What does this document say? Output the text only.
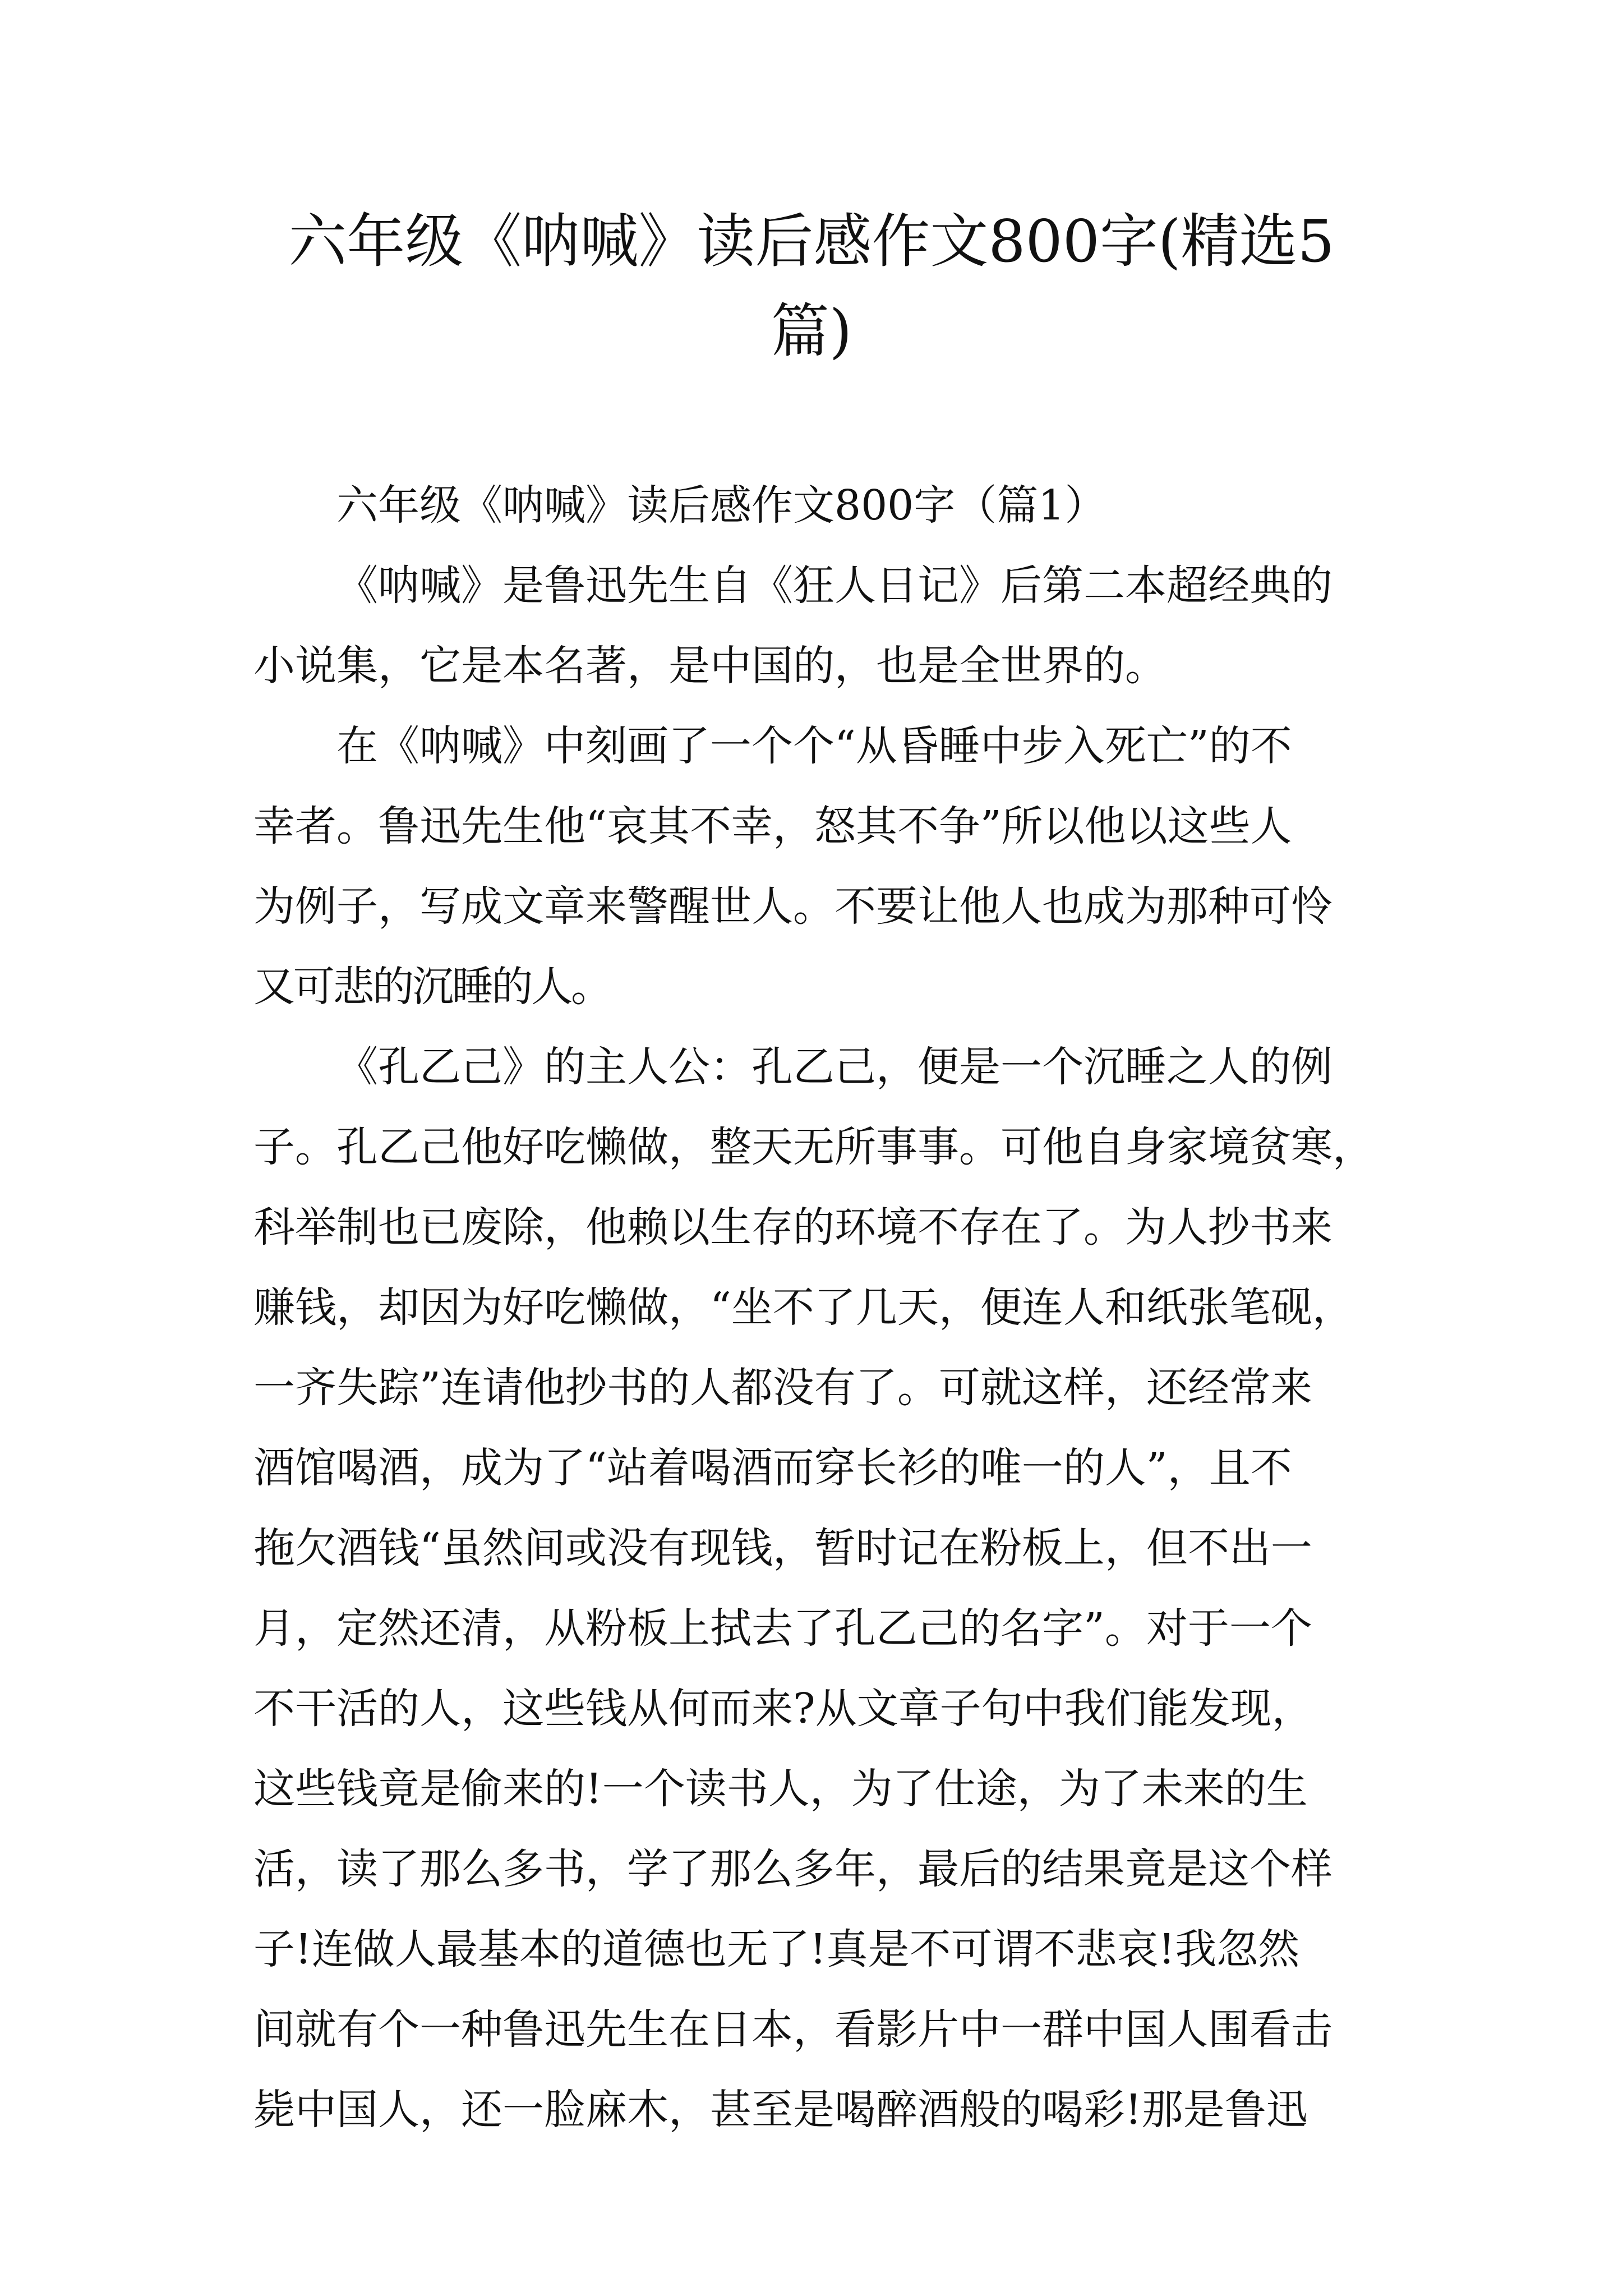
六年级《呐喊》读后感作文800字(精选5
篇)

六年级《呐喊》读后感作文800字（篇1）

《呐喊》是鲁迅先生自《狂人日记》后第二本超经典的

小说集，它是本名著，是中国的，也是全世界的。

在《呐喊》中刻画了一个个“从昏睡中步入死亡”的不

幸者。鲁迅先生他“哀其不幸，怒其不争”所以他以这些人

为例子，写成文章来警醒世人。不要让他人也成为那种可怜

又可悲的沉睡的人。

《孔乙己》的主人公：孔乙己，便是一个沉睡之人的例

子。孔乙己他好吃懒做，整天无所事事。可他自身家境贫寒，

科举制也已废除，他赖以生存的环境不存在了。为人抄书来

赚钱，却因为好吃懒做，“坐不了几天，便连人和纸张笔砚，

一齐失踪”连请他抄书的人都没有了。可就这样，还经常来

酒馆喝酒，成为了“站着喝酒而穿长衫的唯一的人”，且不

拖欠酒钱“虽然间或没有现钱，暂时记在粉板上，但不出一

月，定然还清，从粉板上拭去了孔乙己的名字”。对于一个

不干活的人，这些钱从何而来?从文章子句中我们能发现，

这些钱竟是偷来的!一个读书人，为了仕途，为了未来的生

活，读了那么多书，学了那么多年，最后的结果竟是这个样

子!连做人最基本的道德也无了!真是不可谓不悲哀!我忽然

间就有个一种鲁迅先生在日本，看影片中一群中国人围看击

毙中国人，还一脸麻木，甚至是喝醉酒般的喝彩!那是鲁迅
